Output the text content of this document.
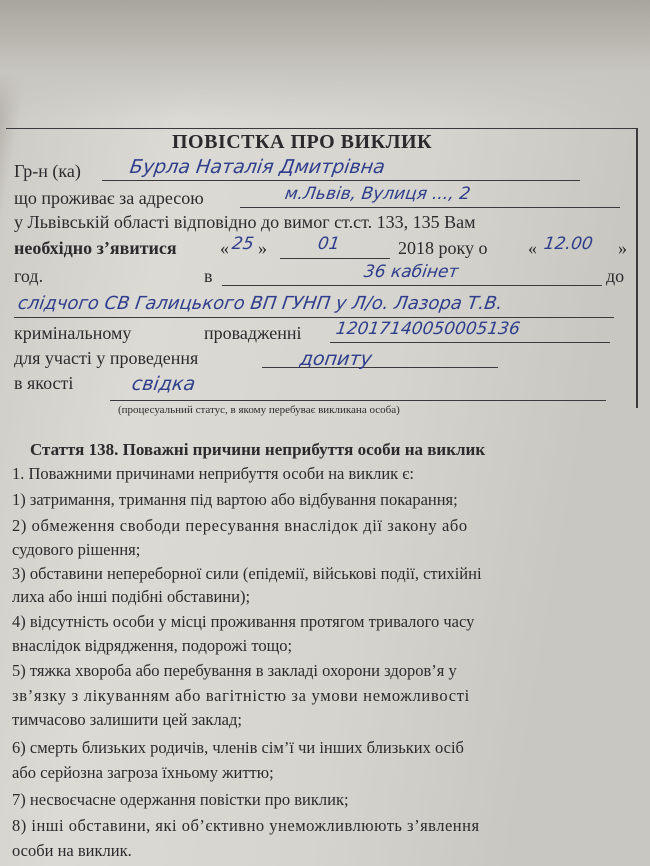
ПОВІСТКА ПРО ВИКЛИК
Гр-н (ка)	Бурла Наталія Дмитрівна
що проживає за адресою	м.Львів, Вулиця ..., 2
у Львівській області відповідно до вимог ст.ст. 133, 135 Вам
необхідно з’явитися « 25 »	01	2018 року о « 12.00 »
год.	в	36 кабінет	до
слідчого СВ Галицького ВП ГУНП у Л/о. Лазора Т.В.
кримінальному	провадженні 12017140050005136
для участі у проведення	допиту
в якості	свідка
(процесуальний статус, в якому перебуває викликана особа)
Стаття 138. Поважні причини неприбуття особи на виклик
1. Поважними причинами неприбуття особи на виклик є:
1) затримання, тримання під вартою або відбування покарання;
2) обмеження свободи пересування внаслідок дії закону або
судового рішення;
3) обставини непереборної сили (епідемії, військові події, стихійні
лиха або інші подібні обставини);
4) відсутність особи у місці проживання протягом тривалого часу
внаслідок відрядження, подорожі тощо;
5) тяжка хвороба або перебування в закладі охорони здоров’я у
зв’язку з лікуванням або вагітністю за умови неможливості
тимчасово залишити цей заклад;
6) смерть близьких родичів, членів сім’ї чи інших близьких осіб
або серйозна загроза їхньому життю;
7) несвоєчасне одержання повістки про виклик;
8) інші обставини, які об’єктивно унеможливлюють з’явлення
особи на виклик.
